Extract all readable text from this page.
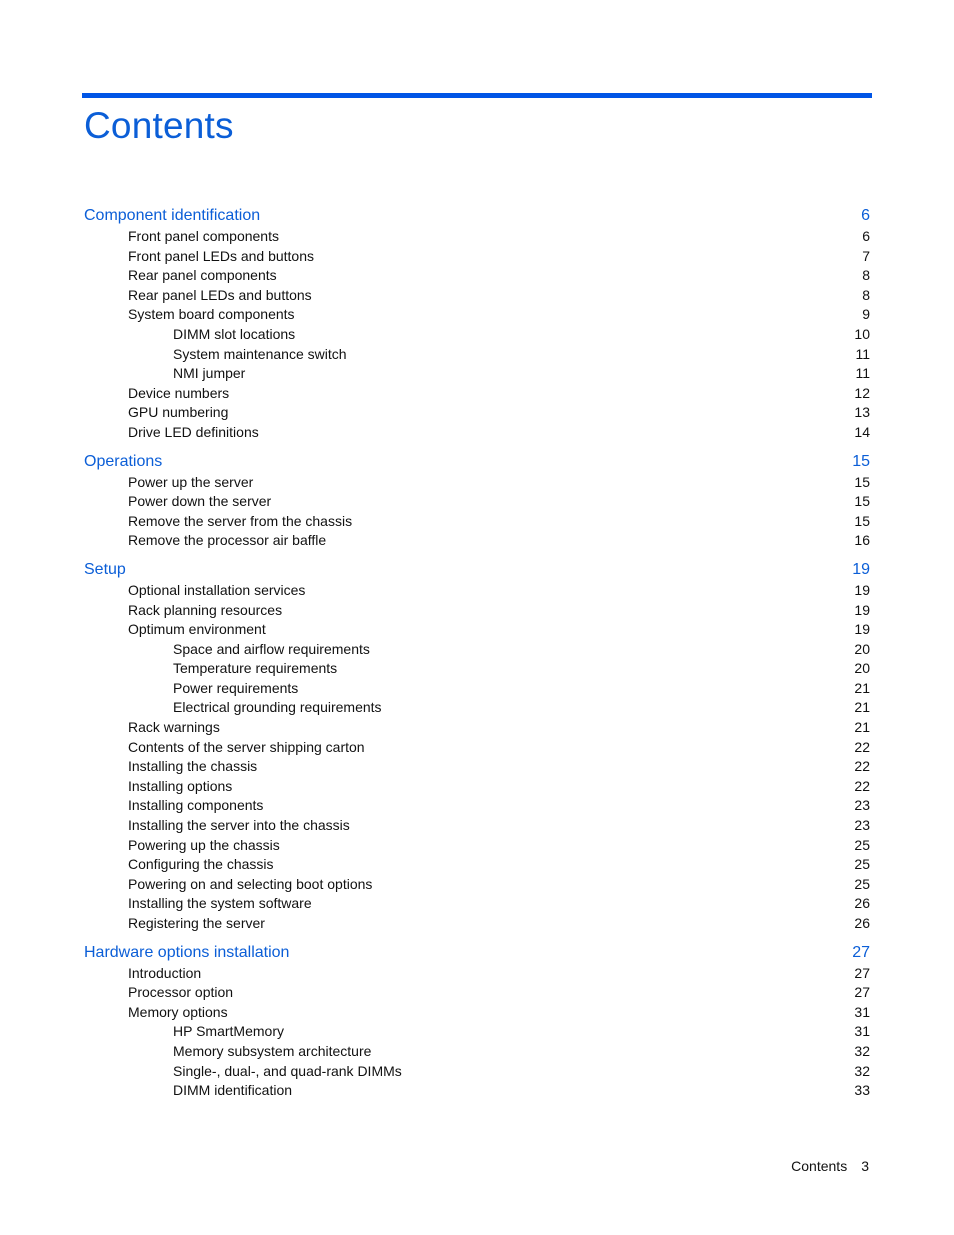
Contents
Component identification	6
Front panel components	6
Front panel LEDs and buttons	7
Rear panel components	8
Rear panel LEDs and buttons	8
System board components	9
DIMM slot locations	10
System maintenance switch	11
NMI jumper	11
Device numbers	12
GPU numbering	13
Drive LED definitions	14
Operations	15
Power up the server	15
Power down the server	15
Remove the server from the chassis	15
Remove the processor air baffle	16
Setup	19
Optional installation services	19
Rack planning resources	19
Optimum environment	19
Space and airflow requirements	20
Temperature requirements	20
Power requirements	21
Electrical grounding requirements	21
Rack warnings	21
Contents of the server shipping carton	22
Installing the chassis	22
Installing options	22
Installing components	23
Installing the server into the chassis	23
Powering up the chassis	25
Configuring the chassis	25
Powering on and selecting boot options	25
Installing the system software	26
Registering the server	26
Hardware options installation	27
Introduction	27
Processor option	27
Memory options	31
HP SmartMemory	31
Memory subsystem architecture	32
Single-, dual-, and quad-rank DIMMs	32
DIMM identification	33
Contents 3
